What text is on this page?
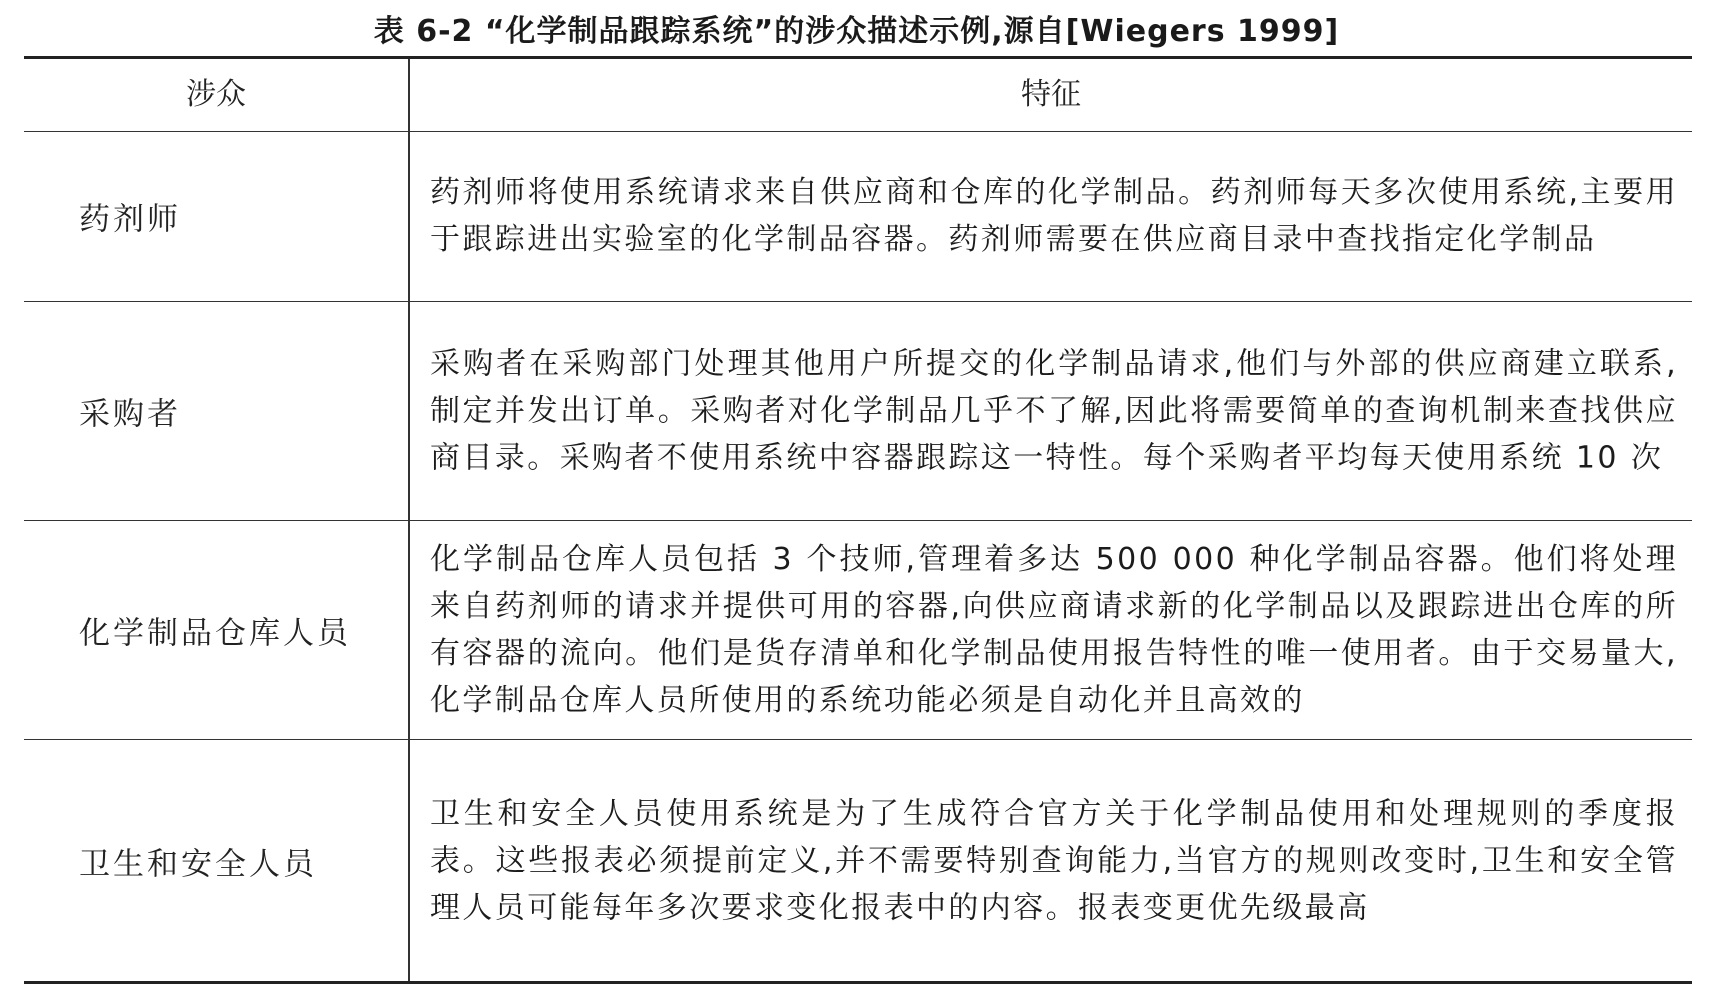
表 6-2 “化学制品跟踪系统”的涉众描述示例,源自[Wiegers 1999]
涉众	特征
药剂师
药剂师将使用系统请求来自供应商和仓库的化学制品。药剂师每天多次使用系统,主要用于跟踪进出实验室的化学制品容器。药剂师需要在供应商目录中查找指定化学制品
采购者
采购者在采购部门处理其他用户所提交的化学制品请求,他们与外部的供应商建立联系,制定并发出订单。采购者对化学制品几乎不了解,因此将需要简单的查询机制来查找供应商目录。采购者不使用系统中容器跟踪这一特性。每个采购者平均每天使用系统 10 次
化学制品仓库人员
化学制品仓库人员包括 3 个技师,管理着多达 500 000 种化学制品容器。他们将处理来自药剂师的请求并提供可用的容器,向供应商请求新的化学制品以及跟踪进出仓库的所有容器的流向。他们是货存清单和化学制品使用报告特性的唯一使用者。由于交易量大,化学制品仓库人员所使用的系统功能必须是自动化并且高效的
卫生和安全人员
卫生和安全人员使用系统是为了生成符合官方关于化学制品使用和处理规则的季度报表。这些报表必须提前定义,并不需要特别查询能力,当官方的规则改变时,卫生和安全管理人员可能每年多次要求变化报表中的内容。报表变更优先级最高
